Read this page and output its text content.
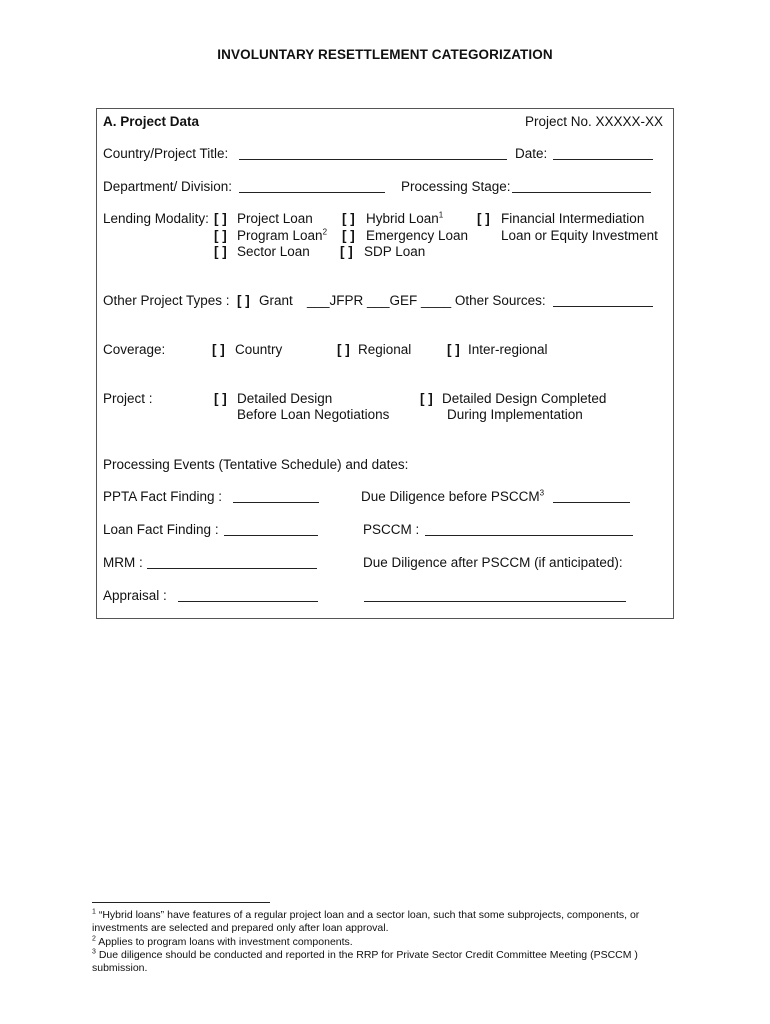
INVOLUNTARY RESETTLEMENT CATEGORIZATION
A. Project Data	Project No. XXXXX-XX
Country/Project Title:	Date:
Department/ Division:	Processing Stage:
Lending Modality: [ ] Project Loan [ ] Hybrid Loan$^1$	[ ] Financial Intermediation
[ ] Program Loan$^2$ [ ] Emergency Loan Loan or Equity Investment
[ ] Sector Loan [ ] SDP Loan
Other Project Types : [ ] Grant ___JFPR ___GEF ____ Other Sources:
Coverage:	[ ] Country	[ ] Regional	[ ] Inter-regional
Project :	[ ] Detailed Design
Before Loan Negotiations
[ ] Detailed Design Completed
During Implementation
Processing Events (Tentative Schedule) and dates:
PPTA Fact Finding :	Due Diligence before PSCCM$^3$
Loan Fact Finding :	PSCCM :
MRM :	Due Diligence after PSCCM (if anticipated):
Appraisal :
$^1$ “Hybrid loans” have features of a regular project loan and a sector loan, such that some subprojects, components, or investments are selected and prepared only after loan approval.
$^2$ Applies to program loans with investment components.
$^3$ Due diligence should be conducted and reported in the RRP for Private Sector Credit Committee Meeting (PSCCM ) submission.
